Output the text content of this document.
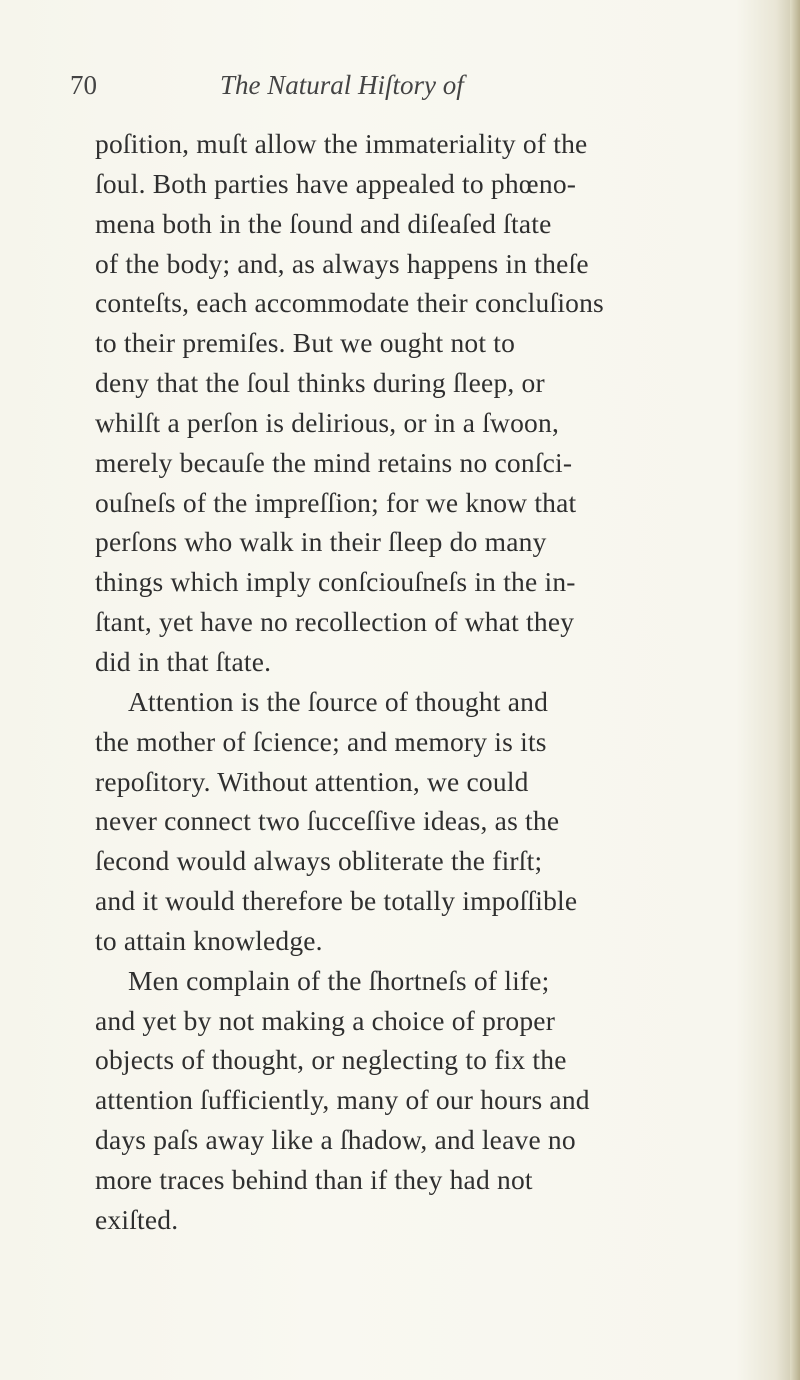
70	The Natural Hiſtory of
poſition, muſt allow the immateriality of the
ſoul. Both parties have appealed to phœno-
mena both in the ſound and diſeaſed ſtate
of the body; and, as always happens in theſe
conteſts, each accommodate their concluſions
to their premiſes. But we ought not to
deny that the ſoul thinks during ſleep, or
whilſt a perſon is delirious, or in a ſwoon,
merely becauſe the mind retains no conſci-
ouſneſs of the impreſſion; for we know that
perſons who walk in their ſleep do many
things which imply conſciouſneſs in the in-
ſtant, yet have no recollection of what they
did in that ſtate.
Attention is the ſource of thought and
the mother of ſcience; and memory is its
repoſitory. Without attention, we could
never connect two ſucceſſive ideas, as the
ſecond would always obliterate the firſt;
and it would therefore be totally impoſſible
to attain knowledge.
Men complain of the ſhortneſs of life;
and yet by not making a choice of proper
objects of thought, or neglecting to fix the
attention ſufficiently, many of our hours and
days paſs away like a ſhadow, and leave no
more traces behind than if they had not
exiſted.
